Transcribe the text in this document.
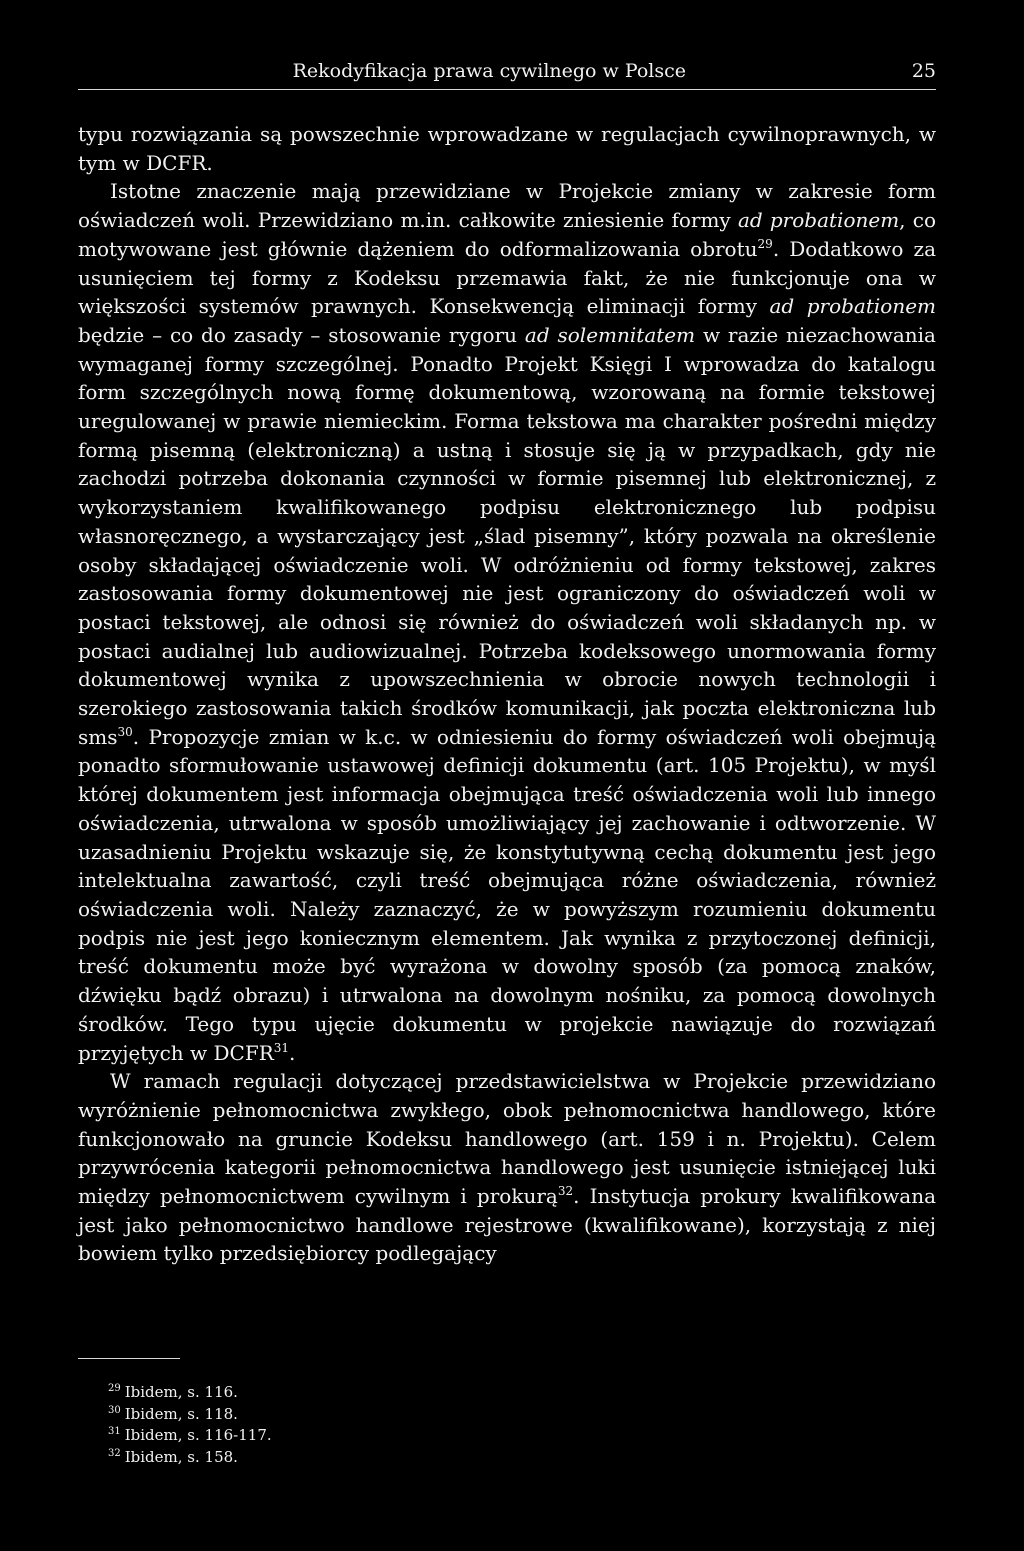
Rekodyfikacja prawa cywilnego w Polsce	25

typu rozwiązania są powszechnie wprowadzane w regulacjach cywilnoprawnych, w tym w DCFR.

Istotne znaczenie mają przewidziane w Projekcie zmiany w zakresie form oświadczeń woli. Przewidziano m.in. całkowite zniesienie formy ad probationem, co motywowane jest głównie dążeniem do odformalizowania obrotu$^{29}$. Dodatkowo za usunięciem tej formy z Kodeksu przemawia fakt, że nie funkcjonuje ona w większości systemów prawnych. Konsekwencją eliminacji formy ad probationem będzie – co do zasady – stosowanie rygoru ad solemnitatem w razie niezachowania wymaganej formy szczególnej. Ponadto Projekt Księgi I wprowadza do katalogu form szczególnych nową formę dokumentową, wzorowaną na formie tekstowej uregulowanej w prawie niemieckim. Forma tekstowa ma charakter pośredni między formą pisemną (elektroniczną) a ustną i stosuje się ją w przypadkach, gdy nie zachodzi potrzeba dokonania czynności w formie pisemnej lub elektronicznej, z wykorzystaniem kwalifikowanego podpisu elektronicznego lub podpisu własnoręcznego, a wystarczający jest „ślad pisemny”, który pozwala na określenie osoby składającej oświadczenie woli. W odróżnieniu od formy tekstowej, zakres zastosowania formy dokumentowej nie jest ograniczony do oświadczeń woli w postaci tekstowej, ale odnosi się również do oświadczeń woli składanych np. w postaci audialnej lub audiowizualnej. Potrzeba kodeksowego unormowania formy dokumentowej wynika z upowszechnienia w obrocie nowych technologii i szerokiego zastosowania takich środków komunikacji, jak poczta elektroniczna lub sms$^{30}$. Propozycje zmian w k.c. w odniesieniu do formy oświadczeń woli obejmują ponadto sformułowanie ustawowej definicji dokumentu (art. 105 Projektu), w myśl której dokumentem jest informacja obejmująca treść oświadczenia woli lub innego oświadczenia, utrwalona w sposób umożliwiający jej zachowanie i odtworzenie. W uzasadnieniu Projektu wskazuje się, że konstytutywną cechą dokumentu jest jego intelektualna zawartość, czyli treść obejmująca różne oświadczenia, również oświadczenia woli. Należy zaznaczyć, że w powyższym rozumieniu dokumentu podpis nie jest jego koniecznym elementem. Jak wynika z przytoczonej definicji, treść dokumentu może być wyrażona w dowolny sposób (za pomocą znaków, dźwięku bądź obrazu) i utrwalona na dowolnym nośniku, za pomocą dowolnych środków. Tego typu ujęcie dokumentu w projekcie nawiązuje do rozwiązań przyjętych w DCFR$^{31}$.

W ramach regulacji dotyczącej przedstawicielstwa w Projekcie przewidziano wyróżnienie pełnomocnictwa zwykłego, obok pełnomocnictwa handlowego, które funkcjonowało na gruncie Kodeksu handlowego (art. 159 i n. Projektu). Celem przywrócenia kategorii pełnomocnictwa handlowego jest usunięcie istniejącej luki między pełnomocnictwem cywilnym i prokurą$^{32}$. Instytucja prokury kwalifikowana jest jako pełnomocnictwo handlowe rejestrowe (kwalifikowane), korzystają z niej bowiem tylko przedsiębiorcy podlegający

$^{29}$ Ibidem, s. 116.
$^{30}$ Ibidem, s. 118.
$^{31}$ Ibidem, s. 116-117.
$^{32}$ Ibidem, s. 158.
